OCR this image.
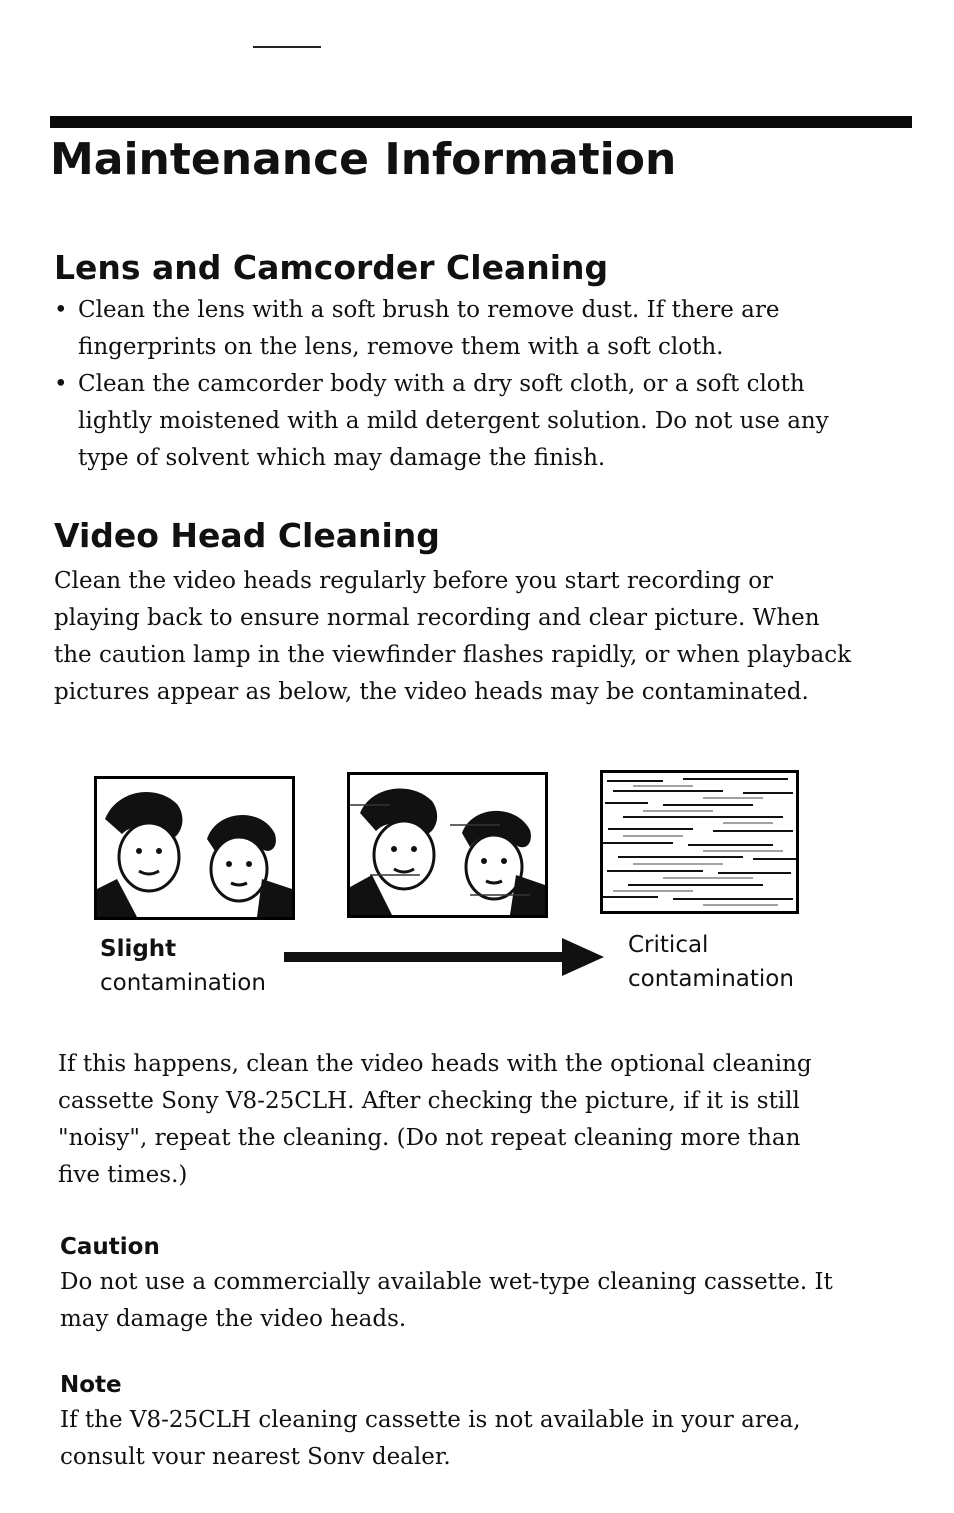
Maintenance Information
Lens and Camcorder Cleaning
• Clean the lens with a soft brush to remove dust. If there are fingerprints on the lens, remove them with a soft cloth.
• Clean the camcorder body with a dry soft cloth, or a soft cloth lightly moistened with a mild detergent solution. Do not use any type of solvent which may damage the finish.
Video Head Cleaning

Clean the video heads regularly before you start recording or playing back to ensure normal recording and clear picture. When the caution lamp in the viewfinder flashes rapidly, or when playback pictures appear as below, the video heads may be contaminated.

Slight
contamination
Critical
contamination

If this happens, clean the video heads with the optional cleaning cassette Sony V8-25CLH. After checking the picture, if it is still "noisy", repeat the cleaning. (Do not repeat cleaning more than five times.)

Caution

Do not use a commercially available wet-type cleaning cassette. It may damage the video heads.

Note

If the V8-25CLH cleaning cassette is not available in your area, consult vour nearest Sonv dealer.
